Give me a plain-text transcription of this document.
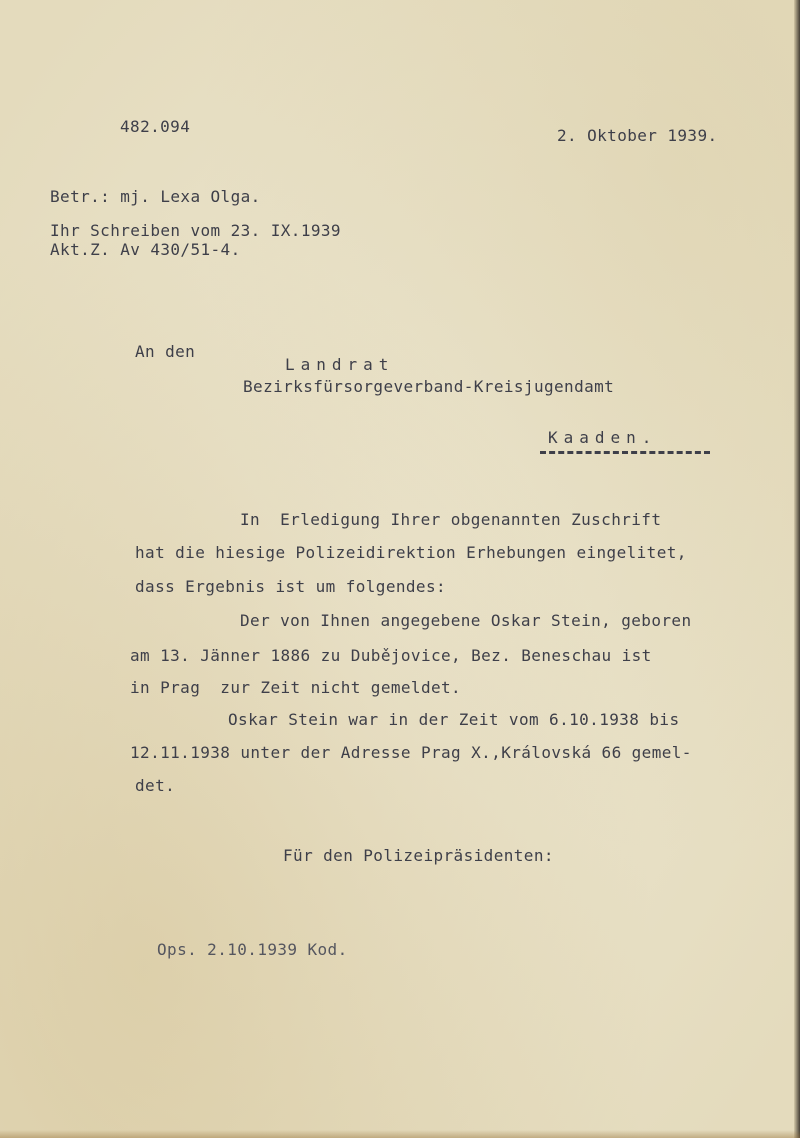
482.094	2. Oktober 1939.
Betr.: mj. Lexa Olga.
Ihr Schreiben vom 23. IX.1939
Akt.Z. Av 430/51-4.
An den
Landrat
Bezirksfürsorgeverband-Kreisjugendamt
Kaaden.
In  Erledigung Ihrer obgenannten Zuschrift
hat die hiesige Polizeidirektion Erhebungen eingelitet,
dass Ergebnis ist um folgendes:
Der von Ihnen angegebene Oskar Stein, geboren
am 13. Jänner 1886 zu Dubějovice, Bez. Beneschau ist
in Prag  zur Zeit nicht gemeldet.
Oskar Stein war in der Zeit vom 6.10.1938 bis
12.11.1938 unter der Adresse Prag X.,Královská 66 gemel-
det.
Für den Polizeipräsidenten:
Ops. 2.10.1939 Kod.
